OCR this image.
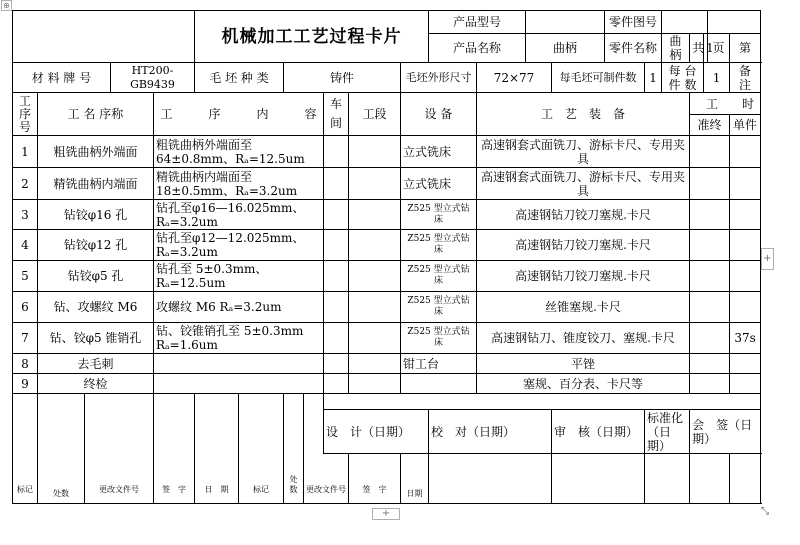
⊕
					机械加工工艺过程卡片							产品型号				零件图号							
												产品名称		曲柄		零件名称		曲柄	共	1	页	第		
材 料 牌 号			HT200-GB9439		毛 坯 种 类		铸件				毛坯外形尺寸		72×77		每毛坯可制件数		1	每 台 件 数		1		备 注	
工序号	工 名 序称			工　　　序　　　内　　　容					车间	工段	设 备		工　艺　装　备						工　　时				
																			准终			单件	
1	粗铣曲柄外端面			粗铣曲柄外端面至 64±0.8mm、Rₐ=12.5um							立式铣床		高速钢套式面铣刀、游标卡尺、专用夹具										
2	精铣曲柄内端面			精铣曲柄内端面至 18±0.5mm、Rₐ=3.2um							立式铣床		高速钢套式面铣刀、游标卡尺、专用夹具										
3	钻铰φ16 孔			钻孔至φ16—16.025mm、Rₐ=3.2um							Z525 型立式钻床		高速钢钻刀铰刀塞规.卡尺										
4	钻铰φ12 孔			钻孔至φ12—12.025mm、Rₐ=3.2um							Z525 型立式钻床		高速钢钻刀铰刀塞规.卡尺										
5	钻铰φ5 孔			钻孔至 5±0.3mm、Rₐ=12.5um							Z525 型立式钻床		高速钢钻刀铰刀塞规.卡尺										
6	钻、攻螺纹 M6			攻螺纹 M6 Rₐ=3.2um							Z525 型立式钻床		丝锥塞规.卡尺										
7	钻、铰φ5 锥销孔			钻、铰锥销孔至 5±0.3mm Rₐ=1.6um							Z525 型立式钻床		高速钢钻刀、锥度铰刀、塞规.卡尺									37s	
8	去毛刺										钳工台		平锉										
9	终检												塞规、百分表、卡尺等										

									设　计（日期）			校　对（日期）			审　核（日期）		标准化（日期）		会　签（日期）				
标记	处数	更改文件号		签　字	日　期	标记	处数	更改文件号		签　字	日期												
+
+	⤡
